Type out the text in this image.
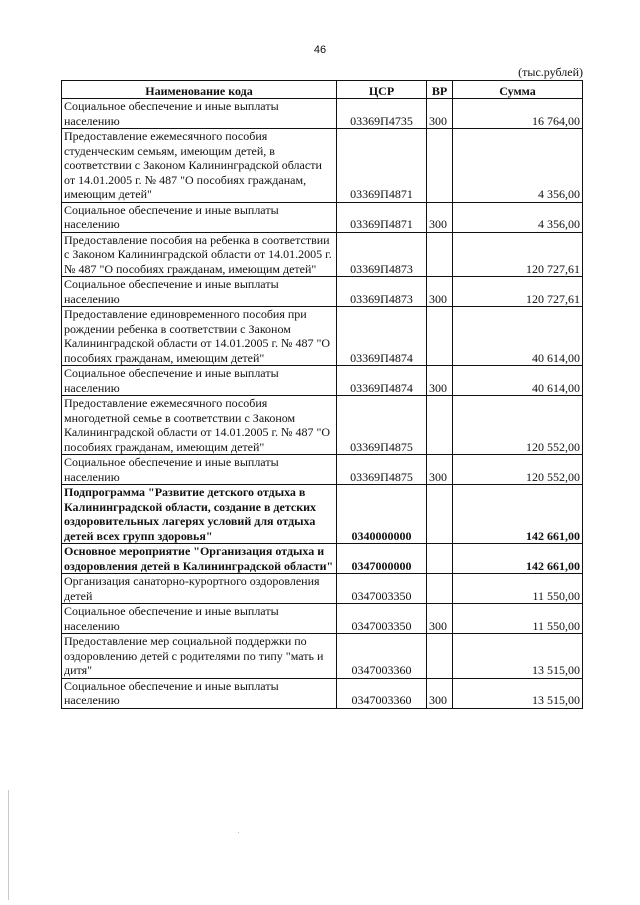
46
(тыс.рублей)
Наименование кода	ЦСР	ВР	Сумма
Социальное обеспечение и иные выплаты населению	03369П4735	300	16 764,00
Предоставление ежемесячного пособия студенческим семьям, имеющим детей, в соответствии с Законом Калининградской области от 14.01.2005 г. № 487 "О пособиях гражданам, имеющим детей"	03369П4871		4 356,00
Социальное обеспечение и иные выплаты населению	03369П4871	300	4 356,00
Предоставление пособия на ребенка в соответствии с Законом Калининградской области от 14.01.2005 г. № 487 "О пособиях гражданам, имеющим детей"	03369П4873		120 727,61
Социальное обеспечение и иные выплаты населению	03369П4873	300	120 727,61
Предоставление единовременного пособия при рождении ребенка в соответствии с Законом Калининградской области от 14.01.2005 г. № 487 "О пособиях гражданам, имеющим детей"	03369П4874		40 614,00
Социальное обеспечение и иные выплаты населению	03369П4874	300	40 614,00
Предоставление ежемесячного пособия многодетной семье в соответствии с Законом Калининградской области от 14.01.2005 г. № 487 "О пособиях гражданам, имеющим детей"	03369П4875		120 552,00
Социальное обеспечение и иные выплаты населению	03369П4875	300	120 552,00
Подпрограмма "Развитие детского отдыха в Калининградской области, создание в детских оздоровительных лагерях условий для отдыха детей всех групп здоровья"	0340000000		142 661,00
Основное мероприятие "Организация отдыха и оздоровления детей в Калининградской области"	0347000000		142 661,00
Организация санаторно-курортного оздоровления детей	0347003350		11 550,00
Социальное обеспечение и иные выплаты населению	0347003350	300	11 550,00
Предоставление мер социальной поддержки по оздоровлению детей с родителями по типу "мать и дитя"	0347003360		13 515,00
Социальное обеспечение и иные выплаты населению	0347003360	300	13 515,00
